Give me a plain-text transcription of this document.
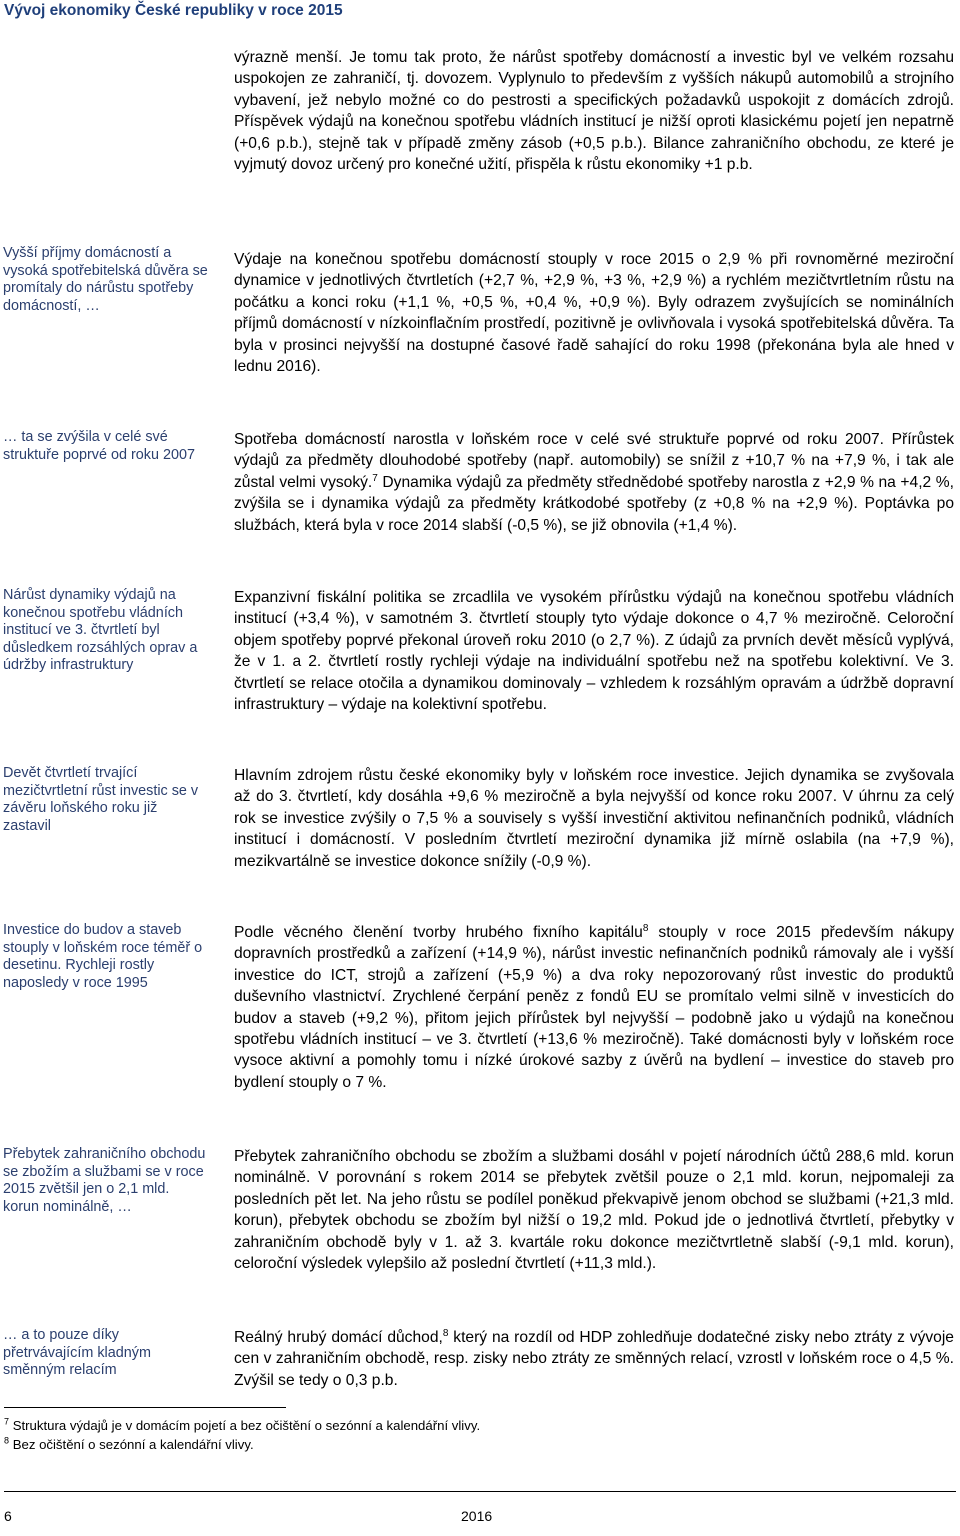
Vývoj ekonomiky České republiky v roce 2015
Vyšší příjmy domácností a vysoká spotřebitelská důvěra se promítaly do nárůstu spotřeby domácností, …
… ta se zvýšila v celé své struktuře poprvé od roku 2007
Nárůst dynamiky výdajů na konečnou spotřebu vládních institucí ve 3. čtvrtletí byl důsledkem rozsáhlých oprav a údržby infrastruktury
Devět čtvrtletí trvající mezičtvrtletní růst investic se v závěru loňského roku již zastavil
Investice do budov a staveb stouply v loňském roce téměř o desetinu. Rychleji rostly naposledy v roce 1995
Přebytek zahraničního obchodu se zbožím a službami se v roce 2015 zvětšil jen o 2,1 mld. korun nominálně, …
… a to pouze díky přetrvávajícím kladným směnným relacím

výrazně menší. Je tomu tak proto, že nárůst spotřeby domácností a investic byl ve velkém rozsahu uspokojen ze zahraničí, tj. dovozem. Vyplynulo to především z vyšších nákupů automobilů a strojního vybavení, jež nebylo možné co do pestrosti a specifických požadavků uspokojit z domácích zdrojů. Příspěvek výdajů na konečnou spotřebu vládních institucí je nižší oproti klasickému pojetí jen nepatrně (+0,6 p.b.), stejně tak v případě změny zásob (+0,5 p.b.). Bilance zahraničního obchodu, ze které je vyjmutý dovoz určený pro konečné užití, přispěla k růstu ekonomiky +1 p.b.

Výdaje na konečnou spotřebu domácností stouply v roce 2015 o 2,9 % při rovnoměrné meziroční dynamice v jednotlivých čtvrtletích (+2,7 %, +2,9 %, +3 %, +2,9 %) a rychlém mezičtvrtletním růstu na počátku a konci roku (+1,1 %, +0,5 %, +0,4 %, +0,9 %). Byly odrazem zvyšujících se nominálních příjmů domácností v nízkoinflačním prostředí, pozitivně je ovlivňovala i vysoká spotřebitelská důvěra. Ta byla v prosinci nejvyšší na dostupné časové řadě sahající do roku 1998 (překonána byla ale hned v lednu 2016).

Spotřeba domácností narostla v loňském roce v celé své struktuře poprvé od roku 2007. Přírůstek výdajů za předměty dlouhodobé spotřeby (např. automobily) se snížil z +10,7 % na +7,9 %, i tak ale zůstal velmi vysoký.$^7$ Dynamika výdajů za předměty střednědobé spotřeby narostla z +2,9 % na +4,2 %, zvýšila se i dynamika výdajů za předměty krátkodobé spotřeby (z +0,8 % na +2,9 %). Poptávka po službách, která byla v roce 2014 slabší (-0,5 %), se již obnovila (+1,4 %).

Expanzivní fiskální politika se zrcadlila ve vysokém přírůstku výdajů na konečnou spotřebu vládních institucí (+3,4 %), v samotném 3. čtvrtletí stouply tyto výdaje dokonce o 4,7 % meziročně. Celoroční objem spotřeby poprvé překonal úroveň roku 2010 (o 2,7 %). Z údajů za prvních devět měsíců vyplývá, že v 1. a 2. čtvrtletí rostly rychleji výdaje na individuální spotřebu než na spotřebu kolektivní. Ve 3. čtvrtletí se relace otočila a dynamikou dominovaly – vzhledem k rozsáhlým opravám a údržbě dopravní infrastruktury – výdaje na kolektivní spotřebu.

Hlavním zdrojem růstu české ekonomiky byly v loňském roce investice. Jejich dynamika se zvyšovala až do 3. čtvrtletí, kdy dosáhla +9,6 % meziročně a byla nejvyšší od konce roku 2007. V úhrnu za celý rok se investice zvýšily o 7,5 % a souvisely s vyšší investiční aktivitou nefinančních podniků, vládních institucí i domácností. V posledním čtvrtletí meziroční dynamika již mírně oslabila (na +7,9 %), mezikvartálně se investice dokonce snížily (-0,9 %).

Podle věcného členění tvorby hrubého fixního kapitálu$^8$ stouply v roce 2015 především nákupy dopravních prostředků a zařízení (+14,9 %), nárůst investic nefinančních podniků rámovaly ale i vyšší investice do ICT, strojů a zařízení (+5,9 %) a dva roky nepozorovaný růst investic do produktů duševního vlastnictví. Zrychlené čerpání peněz z fondů EU se promítalo velmi silně v investicích do budov a staveb (+9,2 %), přitom jejich přírůstek byl nejvyšší – podobně jako u výdajů na konečnou spotřebu vládních institucí – ve 3. čtvrtletí (+13,6 % meziročně). Také domácnosti byly v loňském roce vysoce aktivní a pomohly tomu i nízké úrokové sazby z úvěrů na bydlení – investice do staveb pro bydlení stouply o 7 %.

Přebytek zahraničního obchodu se zbožím a službami dosáhl v pojetí národních účtů 288,6 mld. korun nominálně. V porovnání s rokem 2014 se přebytek zvětšil pouze o 2,1 mld. korun, nejpomaleji za posledních pět let. Na jeho růstu se podílel poněkud překvapivě jenom obchod se službami (+21,3 mld. korun), přebytek obchodu se zbožím byl nižší o 19,2 mld. Pokud jde o jednotlivá čtvrtletí, přebytky v zahraničním obchodě byly v 1. až 3. kvartále roku dokonce mezičtvrtletně slabší (-9,1 mld. korun), celoroční výsledek vylepšilo až poslední čtvrtletí (+11,3 mld.).

Reálný hrubý domácí důchod,$^8$ který na rozdíl od HDP zohledňuje dodatečné zisky nebo ztráty z vývoje cen v zahraničním obchodě, resp. zisky nebo ztráty ze směnných relací, vzrostl v loňském roce o 4,5 %. Zvýšil se tedy o 0,3 p.b.

$^7$ Struktura výdajů je v domácím pojetí a bez očištění o sezónní a kalendářní vlivy.
$^8$ Bez očištění o sezónní a kalendářní vlivy.
6	2016
